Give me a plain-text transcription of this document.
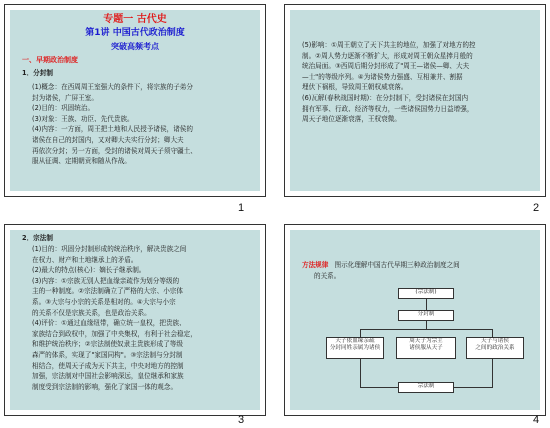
专题一 古代史
第1讲 中国古代政治制度
突破高频考点
一、早期政治制度
1．分封制
(1)概念：在西周周王室强大的条件下，将宗族的子弟分
封为诸侯，广屏王室。
(2)目的：巩固统治。
(3)对象：王族、功臣、先代贵族。
(4)内容：一方面，周王把土地和人民授予诸侯，诸侯的
诸侯在自己的封国内，又对卿大夫实行分封；卿大夫
再依次分封；另一方面，受封的诸侯对周天子须守疆土、
服从征调、定期朝贡和随从作战。
1
(5)影响：①周王朝立了天下共主的地位，加强了对地方的控
制。②周人势力逐渐不断扩大，形成对周王朝众星捧月般的
统治局面。③西周后期分封形成了"周王—诸侯—卿、大夫
—士"的等级序列。④为诸侯势力强盛、互相兼并、割据
埋伏下祸根，导致周王朝权威衰落。
(6)瓦解(春秋战国时期)：在分封制下，受封诸侯在封国内
拥有军事、行政、经济等权力，一些诸侯国势力日益增强，
周天子地位逐渐衰落，王权衰微。
2
2．宗法制
(1)目的：巩固分封制形成的统治秩序，解决贵族之间
在权力、财产和土地继承上的矛盾。
(2)最大的特点(核心)：嫡长子继承制。
(3)内容：①宗族无别人把血缘亲疏作为划分等级的
主的一种制度。②宗法制确立了严格的大宗、小宗体
系。③大宗与小宗的关系是相对的。④大宗与小宗
的关系不仅是宗族关系，也是政治关系。
(4)评价：①通过血缘纽带，确立统一皇权，把贵族、
家族结合到政权中，加强了中央集权，有利于社会稳定，
和维护统治秩序；②宗法制使奴隶主贵族形成了等级
森严的体系，实现了"家国同构"。③宗法制与分封制
相结合，使周天子成为天下共主，中央对地方的控制
加强，宗法制对中国社会影响深远，皇位继承和家族
制度受到宗法制的影响，强化了家国一体的观念。
3
方法规律 图示化理解中国古代早期三种政治制度之间
的关系。
(宗法制)
分封制
天子依血缘亲疏
分封同姓亲属为诸侯
周天子为宗主
诸侯服从天子
天子与诸侯
之间的政治关系
宗法制
4
